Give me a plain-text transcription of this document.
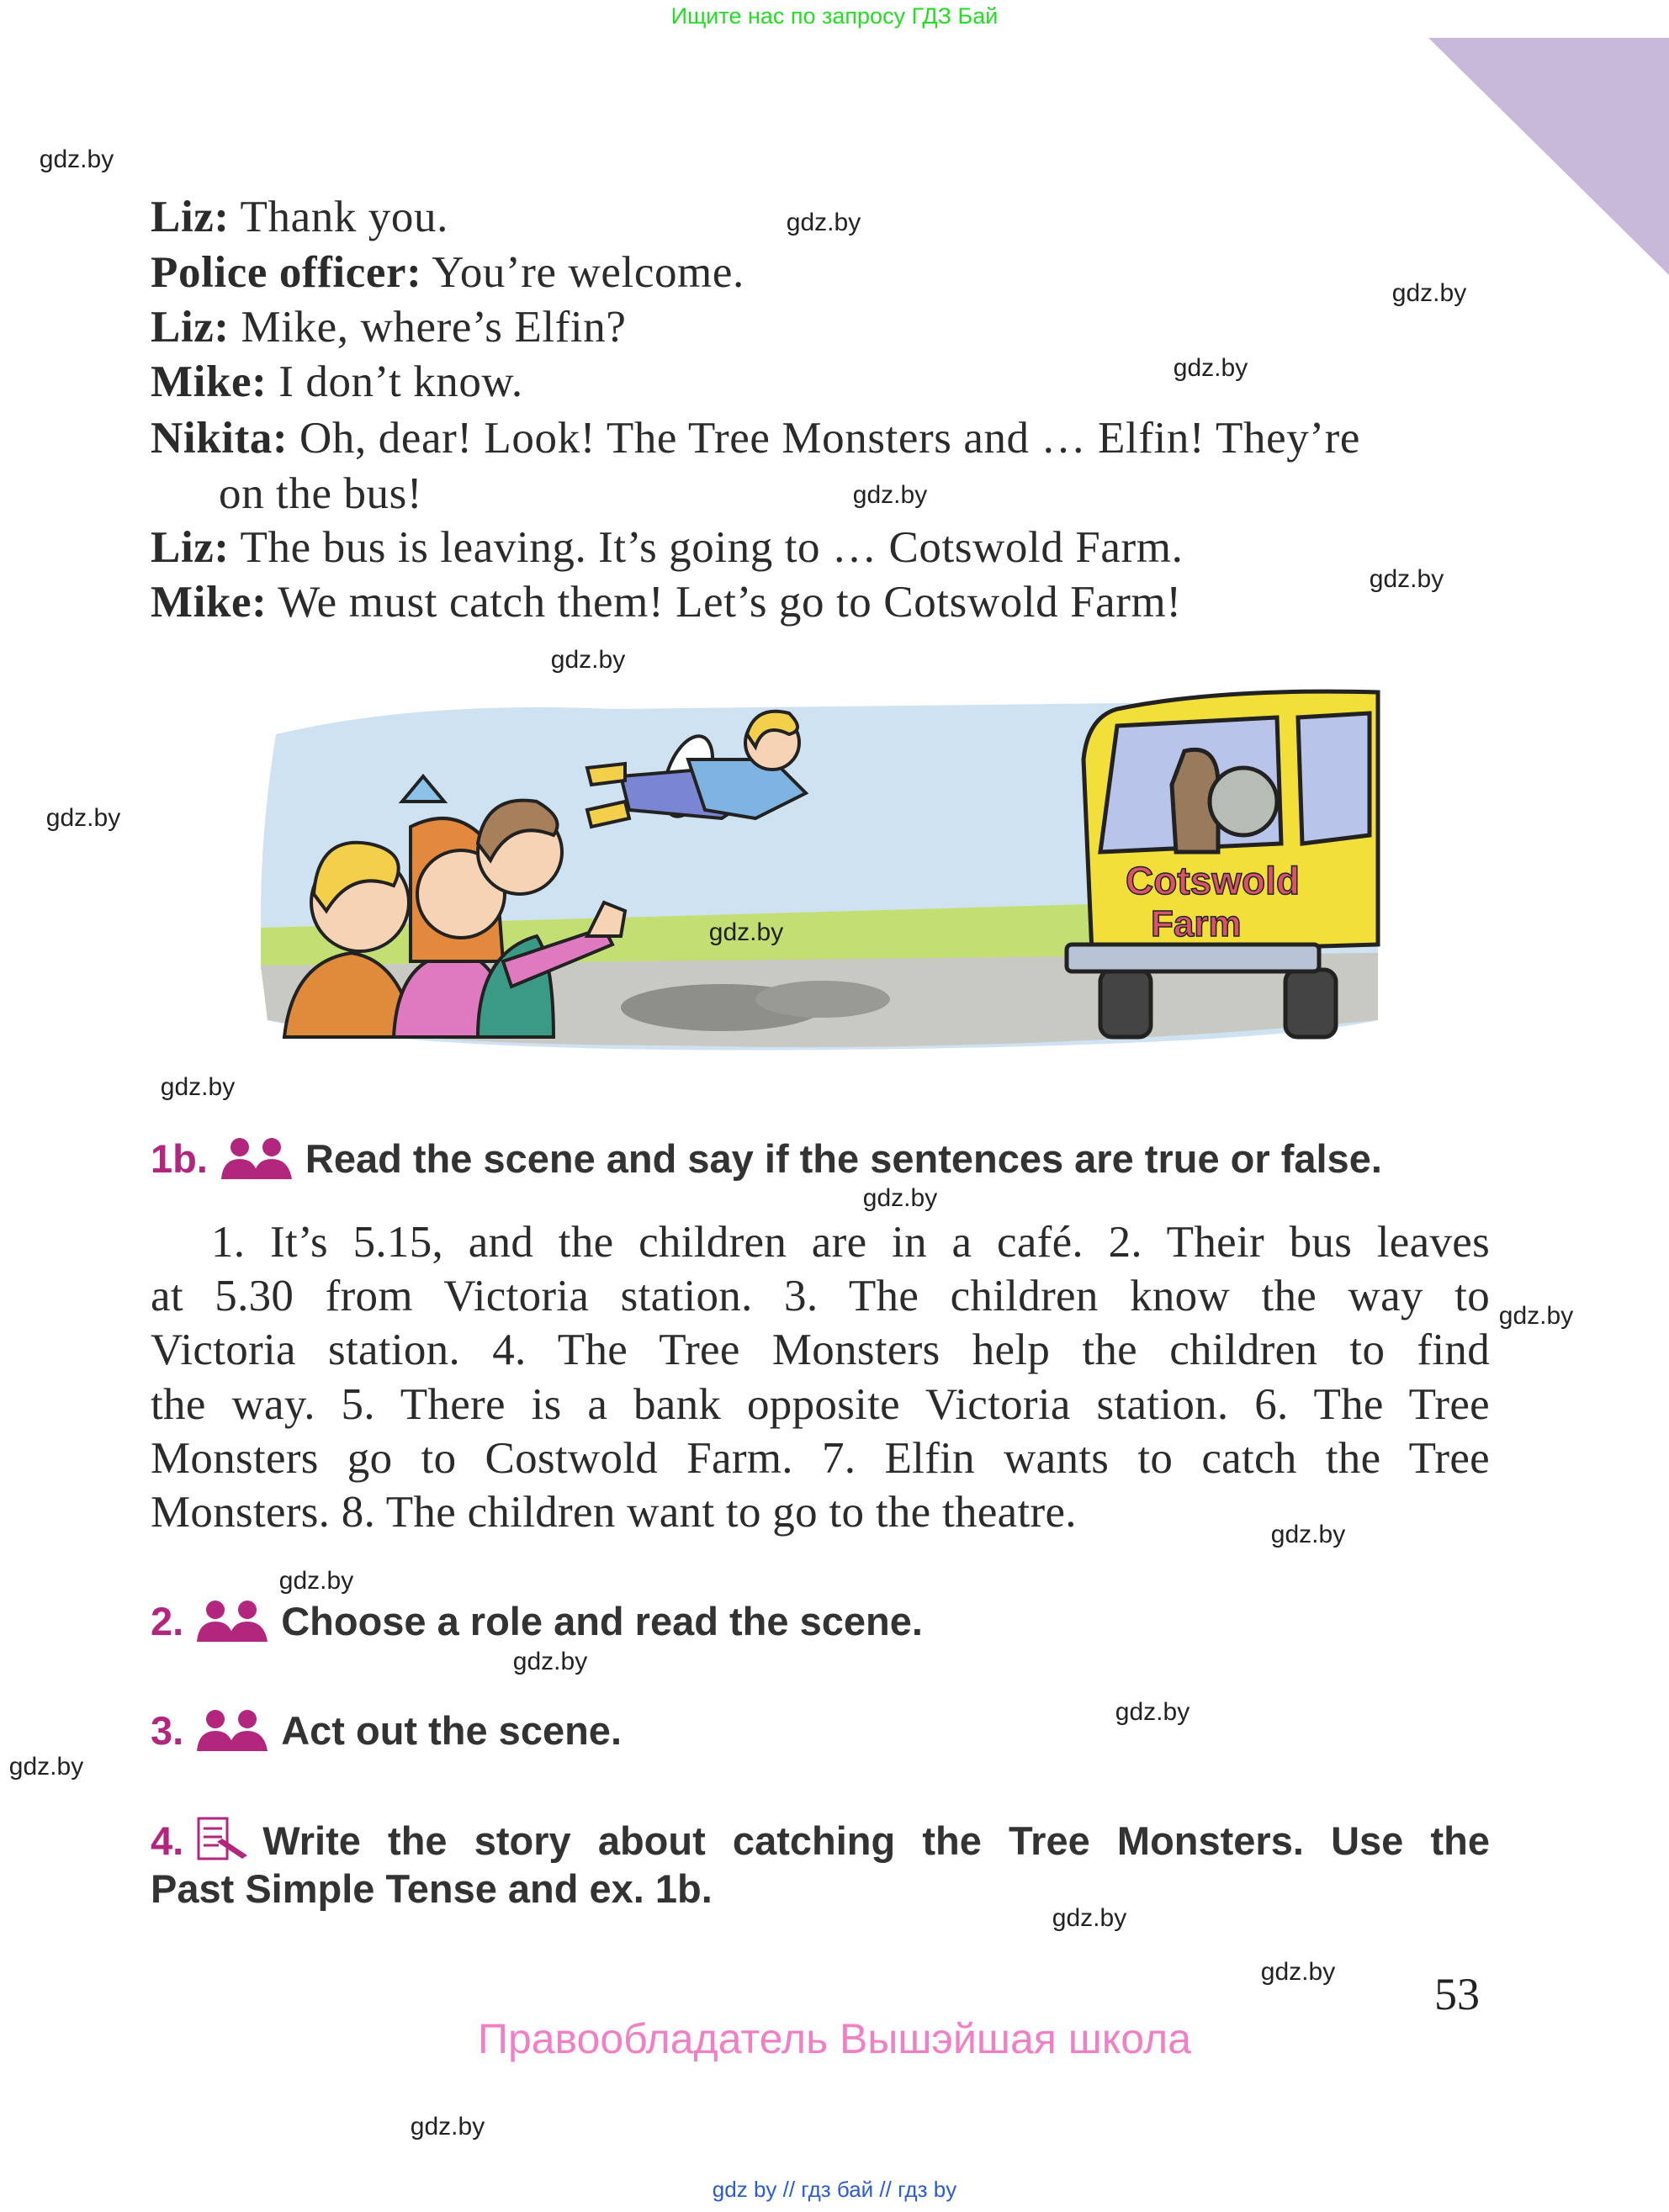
Ищите нас по запросу ГДЗ Бай
Liz: Thank you.
Police officer: You’re welcome.
Liz: Mike, where’s Elfin?
Mike: I don’t know.
Nikita: Oh, dear! Look! The Tree Monsters and … Elfin! They’re
on the bus!
Liz: The bus is leaving. It’s going to … Cotswold Farm.
Mike: We must catch them! Let’s go to Cotswold Farm!
Cotswold
Farm
1b. Read the scene and say if the sentences are true or false.
1. It’s 5.15, and the children are in a café. 2. Their bus leaves
at 5.30 from Victoria station. 3. The children know the way to
Victoria station. 4. The Tree Monsters help the children to find
the way. 5. There is a bank opposite Victoria station. 6. The Tree
Monsters go to Costwold Farm. 7. Elfin wants to catch the Tree
Monsters. 8. The children want to go to the theatre.
2. Choose a role and read the scene.
3. Act out the scene.
4. Write the story about catching the Tree Monsters. Use the
Past Simple Tense and ex. 1b.
53
Правообладатель Вышэйшая школа
gdz by // гдз бай // гдз by
gdz.by
gdz.by
gdz.by
gdz.by
gdz.by
gdz.by
gdz.by
gdz.by
gdz.by
gdz.by
gdz.by
gdz.by
gdz.by
gdz.by
gdz.by
gdz.by
gdz.by
gdz.by
gdz.by
gdz.by
